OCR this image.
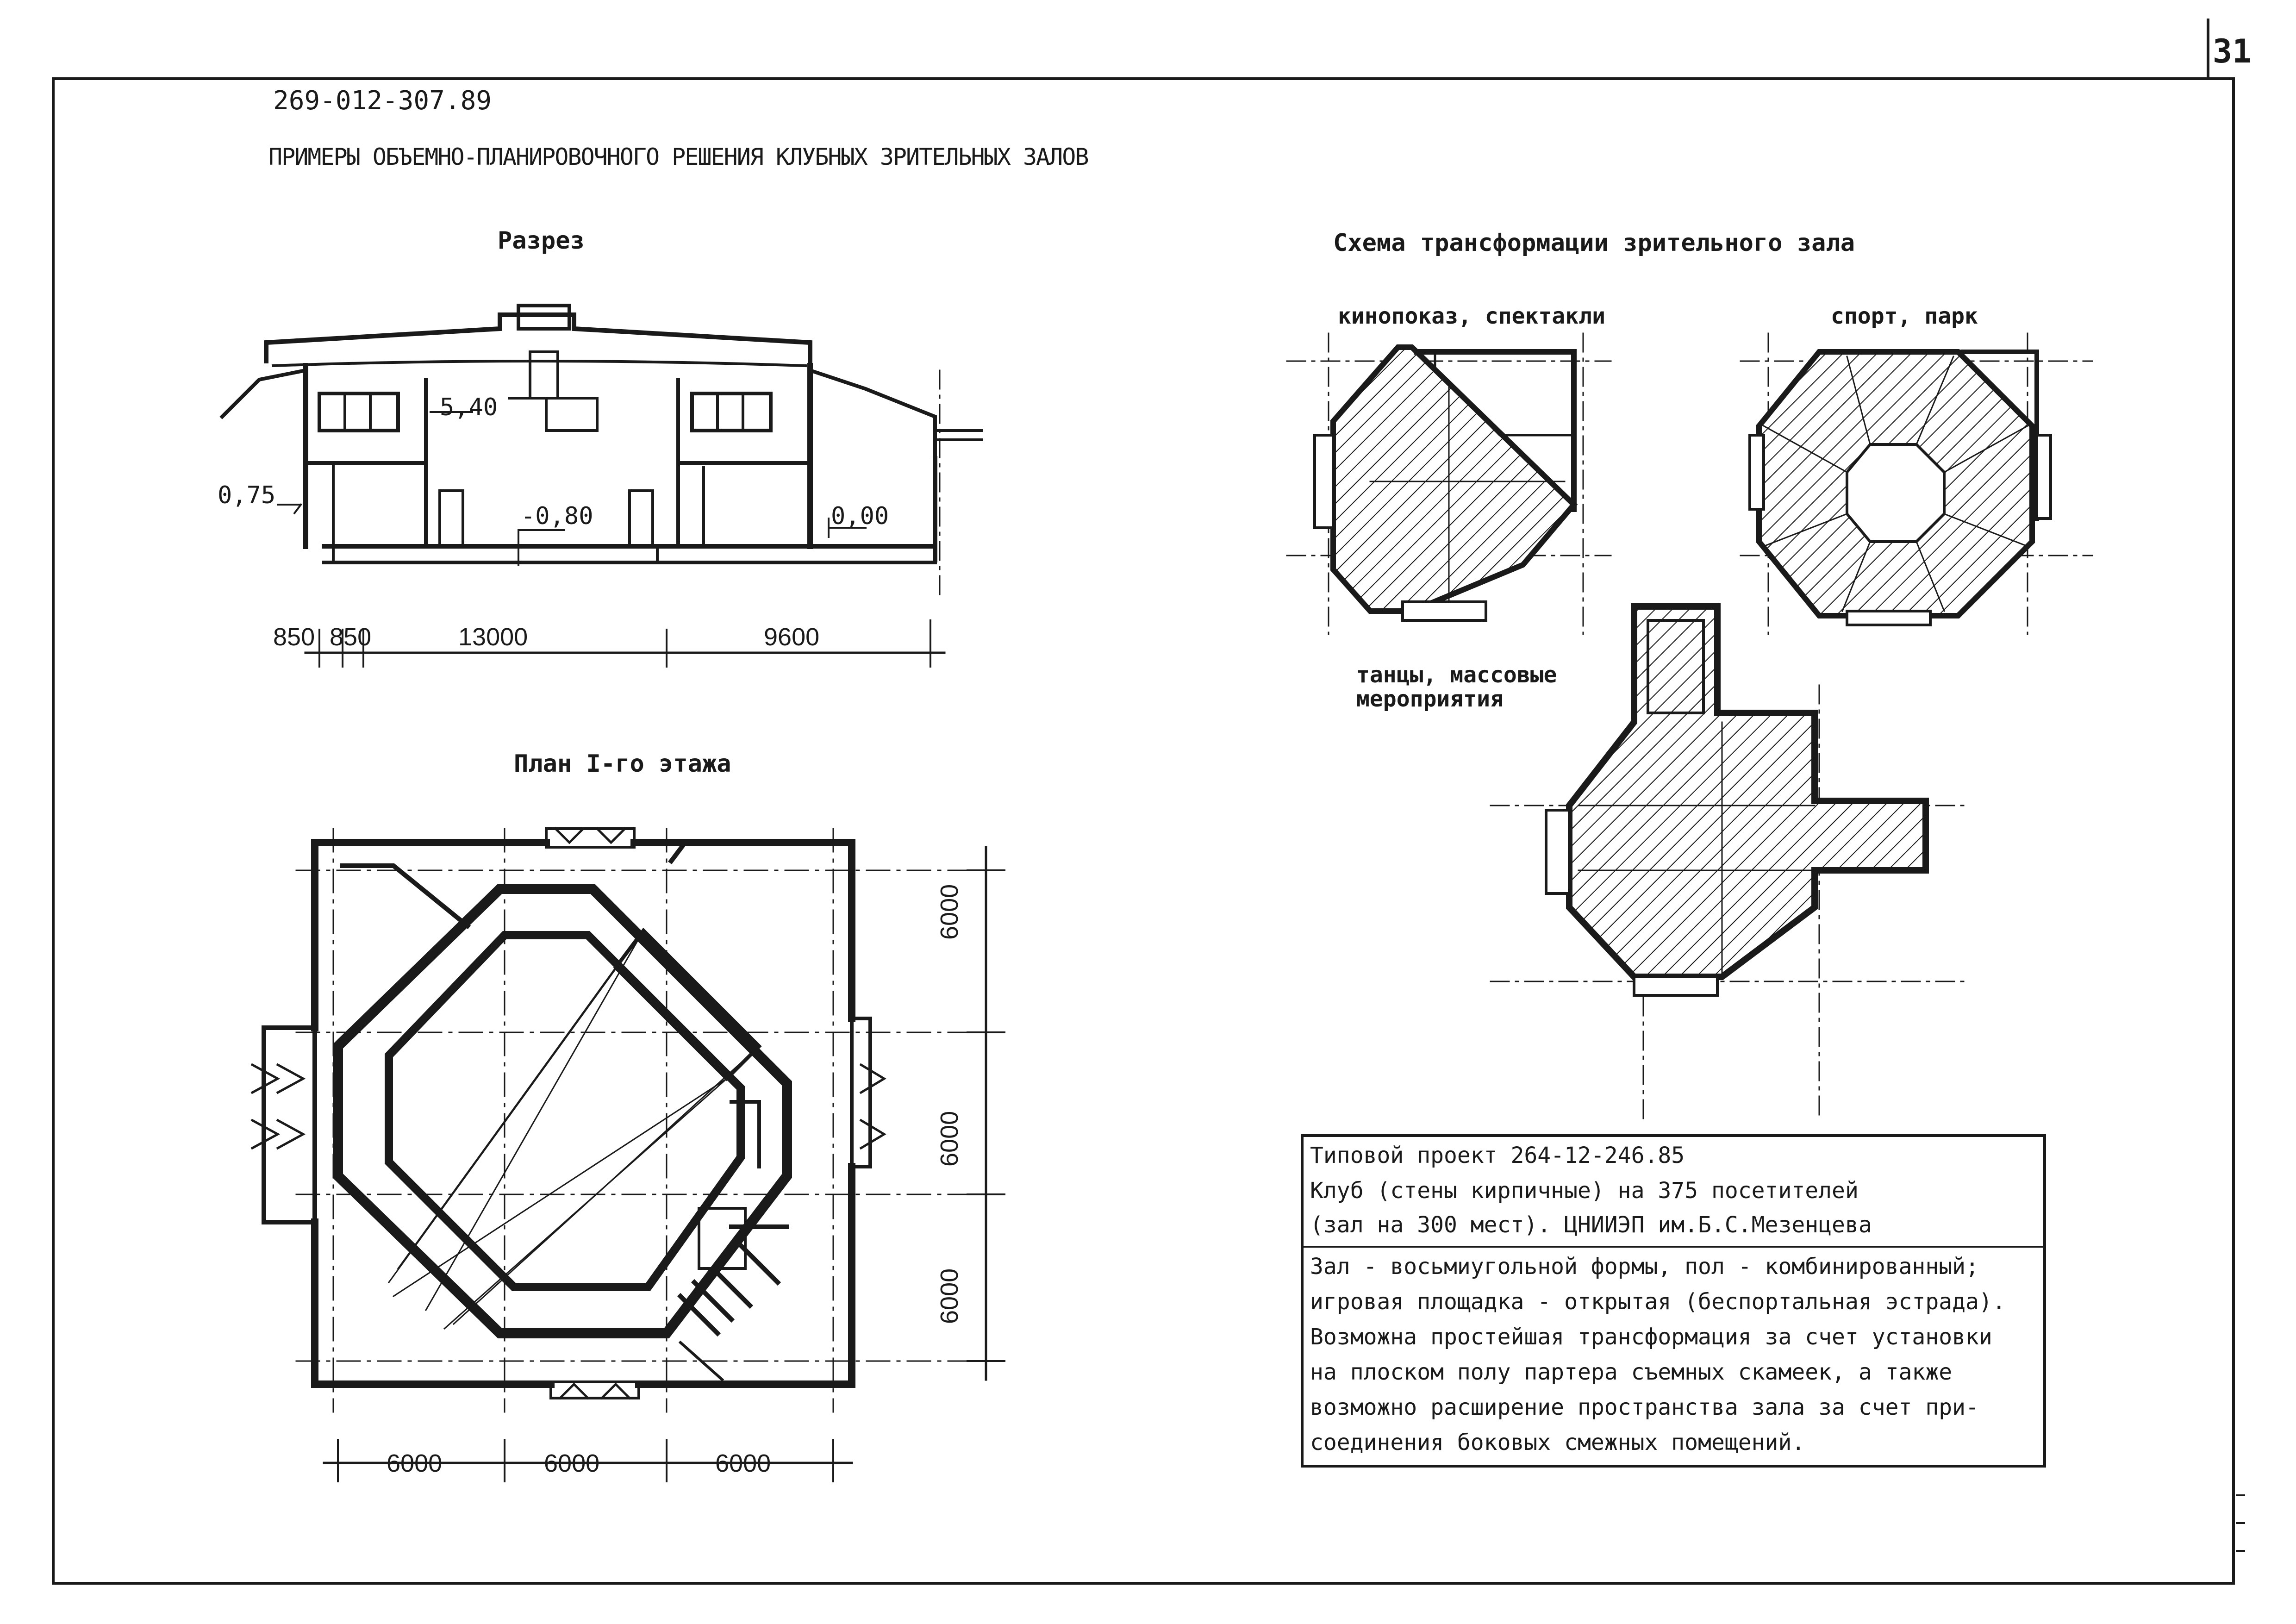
31
269-012-307.89
ПРИМЕРЫ ОБЪЕМНО-ПЛАНИРОВОЧНОГО РЕШЕНИЯ КЛУБНЫХ ЗРИТЕЛЬНЫХ ЗАЛОВ
Разрез
5,40
0,75
-0,80	0,00
850 850	13000	9600
План I-го этажа
6000	6000	6000
6000
6000
6000
Схема трансформации зрительного зала
кинопоказ, спектакли	спорт, парк
танцы, массовые
мероприятия
Типовой проект 264-12-246.85
Клуб (стены кирпичные) на 375 посетителей
(зал на 300 мест). ЦНИИЭП им.Б.С.Мезенцева
Зал - восьмиугольной формы, пол - комбинированный;
игровая площадка - открытая (беспортальная эстрада).
Возможна простейшая трансформация за счет установки
на плоском полу партера съемных скамеек, а также
возможно расширение пространства зала за счет при-
соединения боковых смежных помещений.
